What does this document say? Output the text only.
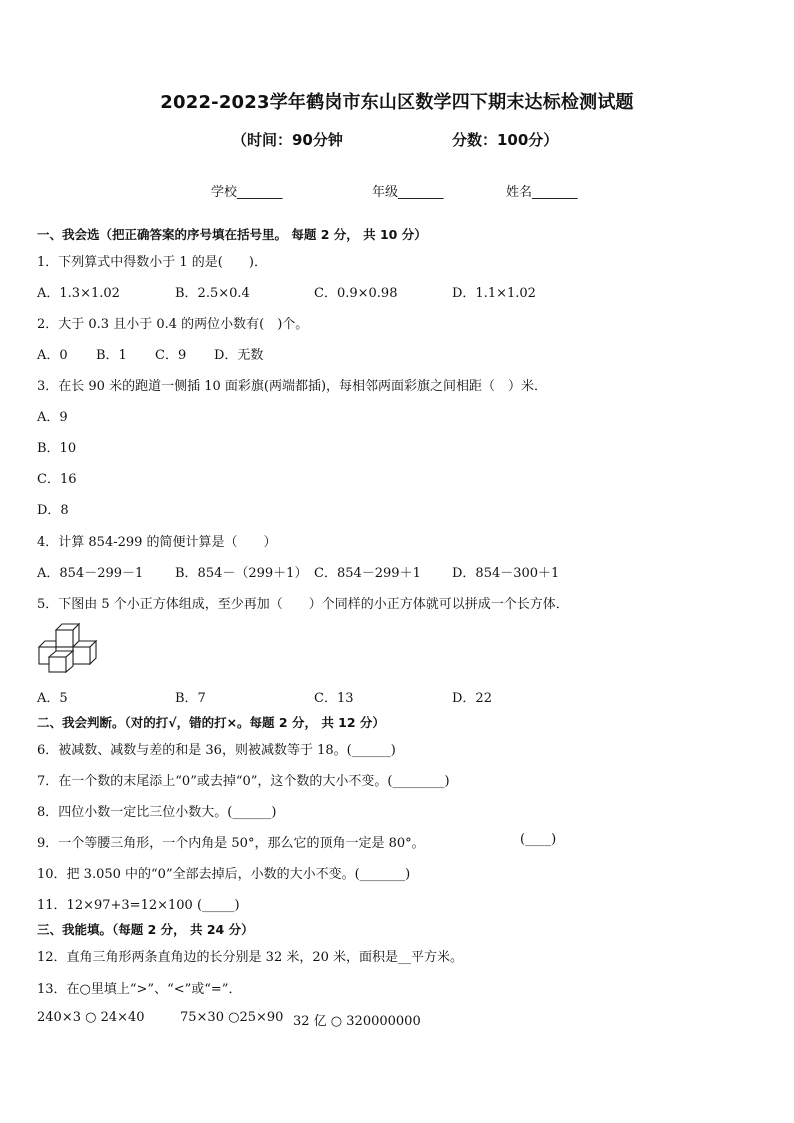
2022-2023学年鹤岗市东山区数学四下期末达标检测试题
（时间：90分钟	分数：100分）
学校_______	年级_______	姓名_______
一、我会选（把正确答案的序号填在括号里。 每题 2 分， 共 10 分）
1．下列算式中得数小于 1 的是(　　)．
A．1.3×1.02	B．2.5×0.4	C．0.9×0.98	D．1.1×1.02
2．大于 0.3 且小于 0.4 的两位小数有(　)个。
A．0 B．1 C．9 D．无数
3．在长 90 米的跑道一侧插 10 面彩旗(两端都插)，每相邻两面彩旗之间相距（　）米．
A．9
B．10
C．16
D．8
4．计算 854-299 的简便计算是（　　）
A．854－299－1 B．854－（299＋1） C．854－299＋1 D．854－300＋1
5．下图由 5 个小正方体组成，至少再加（　　）个同样的小正方体就可以拼成一个长方体．
A．5	B．7	C．13	D．22
二、我会判断。（对的打√，错的打×。每题 2 分， 共 12 分）
6．被减数、减数与差的和是 36，则被减数等于 18。(______)
7．在一个数的末尾添上“0”或去掉“0”，这个数的大小不变。(________)
8．四位小数一定比三位小数大。(______)
9．一个等腰三角形，一个内角是 50°，那么它的顶角一定是 80°。	(____)
10．把 3.050 中的“0”全部去掉后，小数的大小不变。(_______)
11．12×97+3=12×100 (_____)
三、我能填。（每题 2 分， 共 24 分）
12．直角三角形两条直角边的长分别是 32 米，20 米，面积是__平方米。
13．在○里填上“>”、“<”或“=”．
240×3 ○ 24×40	75×30 ○25×90 32 亿 ○ 320000000
